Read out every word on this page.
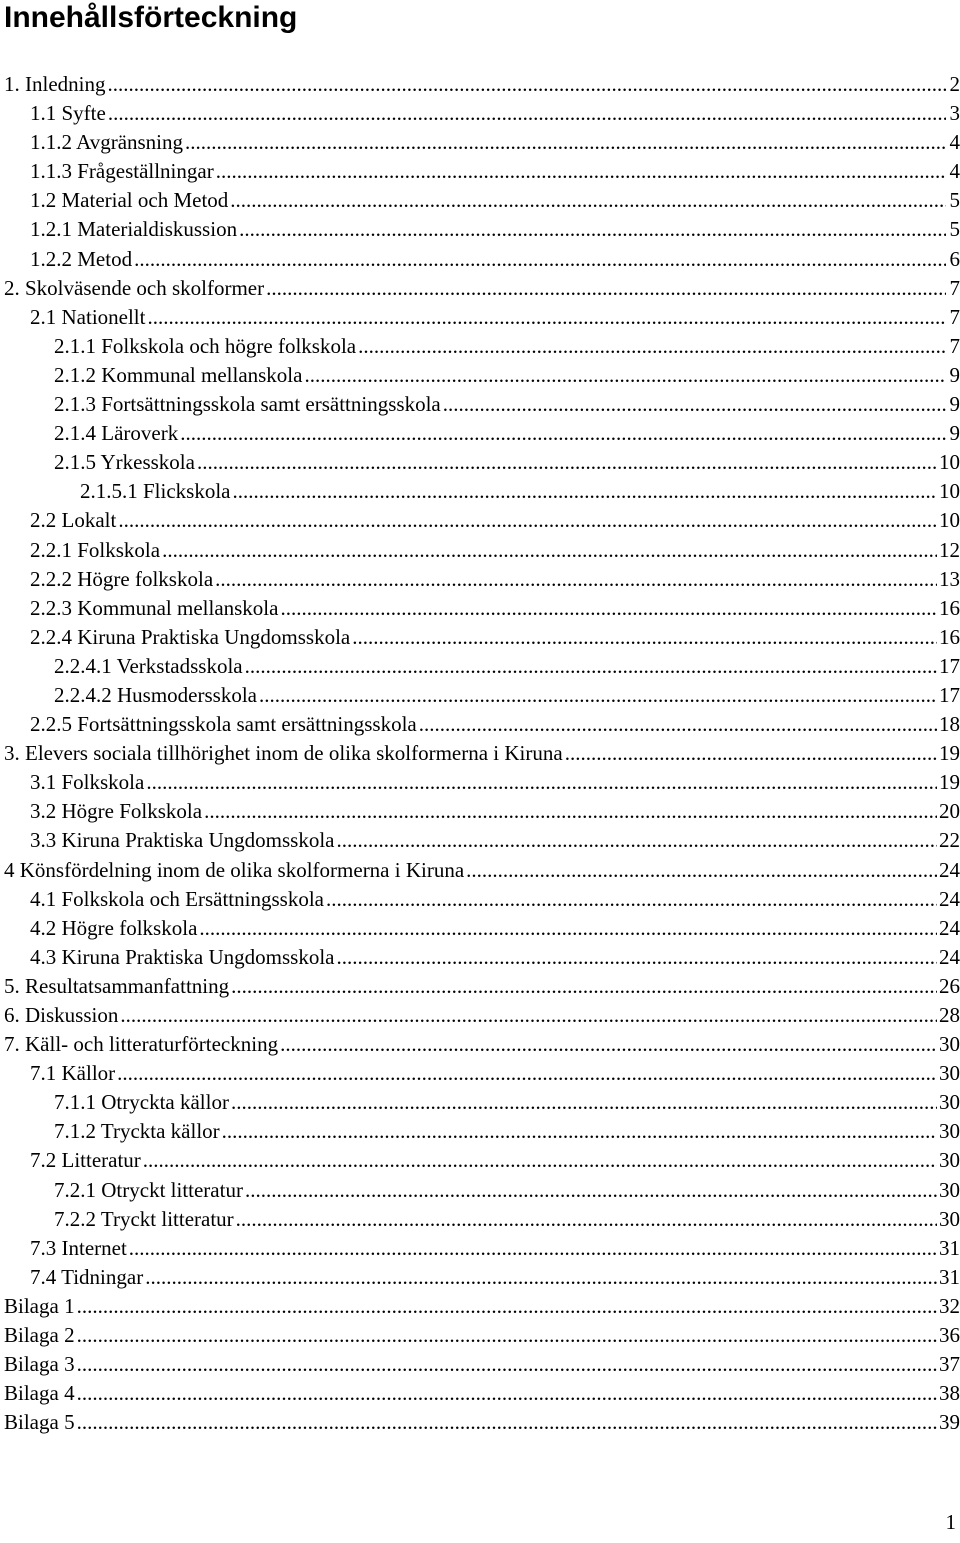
Innehållsförteckning
1. Inledning .....	2
1.1 Syfte .....	3
1.1.2 Avgränsning .....	4
1.1.3 Frågeställningar .....	4
1.2 Material och Metod .....	5
1.2.1 Materialdiskussion .....	5
1.2.2 Metod .....	6
2. Skolväsende och skolformer .....	7
2.1 Nationellt .....	7
2.1.1 Folkskola och högre folkskola .....	7
2.1.2 Kommunal mellanskola .....	9
2.1.3 Fortsättningsskola samt ersättningsskola .....	9
2.1.4 Läroverk .....	9
2.1.5 Yrkesskola .....	10
2.1.5.1 Flickskola .....	10
2.2 Lokalt .....	10
2.2.1 Folkskola .....	12
2.2.2 Högre folkskola .....	13
2.2.3 Kommunal mellanskola .....	16
2.2.4 Kiruna Praktiska Ungdomsskola .....	16
2.2.4.1 Verkstadsskola .....	17
2.2.4.2 Husmodersskola .....	17
2.2.5 Fortsättningsskola samt ersättningsskola .....	18
3. Elevers sociala tillhörighet inom de olika skolformerna i Kiruna .....	19
3.1 Folkskola .....	19
3.2 Högre Folkskola .....	20
3.3 Kiruna Praktiska Ungdomsskola .....	22
4 Könsfördelning inom de olika skolformerna i Kiruna .....	24
4.1 Folkskola och Ersättningsskola .....	24
4.2 Högre folkskola .....	24
4.3 Kiruna Praktiska Ungdomsskola .....	24
5. Resultatsammanfattning .....	26
6. Diskussion .....	28
7. Käll- och litteraturförteckning .....	30
7.1 Källor .....	30
7.1.1 Otryckta källor .....	30
7.1.2 Tryckta källor .....	30
7.2 Litteratur .....	30
7.2.1 Otryckt litteratur .....	30
7.2.2 Tryckt litteratur .....	30
7.3 Internet .....	31
7.4 Tidningar .....	31
Bilaga 1 .....	32
Bilaga 2 .....	36
Bilaga 3 .....	37
Bilaga 4 .....	38
Bilaga 5 .....	39
1
